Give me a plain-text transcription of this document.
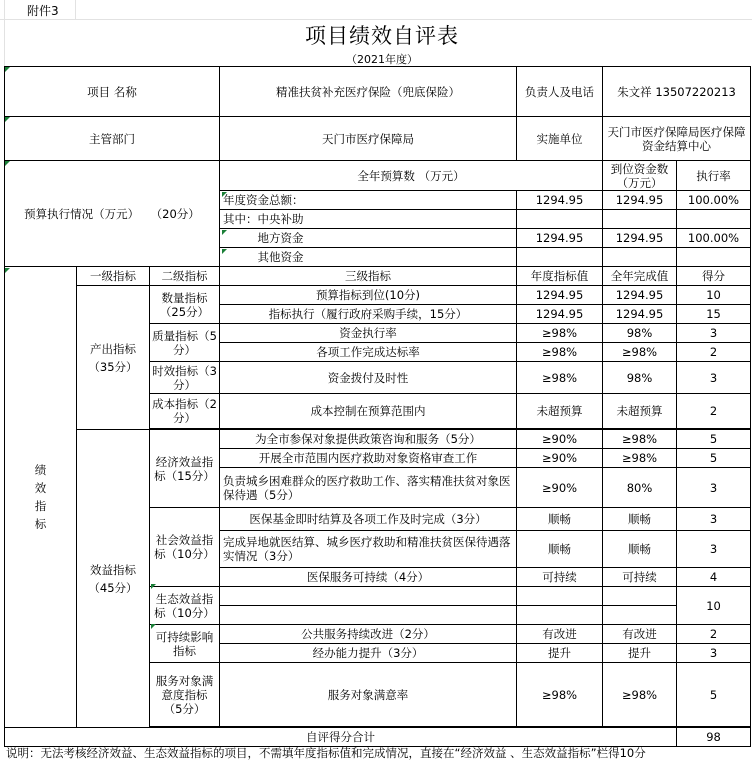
附件3
项目绩效自评表
（2021年度）
项目 名称			精准扶贫补充医疗保险（兜底保险）	负责人及电话	朱文祥 13507220213		
主管部门			天门市医疗保障局	实施单位	天门市医疗保障局医疗保障资金结算中心		
预算执行情况（万元）　　（20分）			全年预算数 （万元）		到位资金数（万元）	执行率	
			年度资金总额：	1294.95	1294.95	100.00%	
			其中：中央补助				
			　　　地方资金	1294.95	1294.95	100.00%	
			　　　其他资金				
绩效指标	一级指标	二级指标	三级指标	年度指标值	全年完成值	得分	
	产出指标（35分）	数量指标（25分）	预算指标到位(10分)	1294.95	1294.95	10	
			指标执行（履行政府采购手续，15分）	1294.95	1294.95	15	
		质量指标（5分）	资金执行率	≥98%	98%	3	
			各项工作完成达标率	≥98%	≥98%	2	
		时效指标（3分）	资金拨付及时性	≥98%	98%	3	
		成本指标（2分）	成本控制在预算范围内	未超预算	未超预算	2	

	效益指标（45分）	经济效益指标（15分）	为全市参保对象提供政策咨询和服务（5分）	≥90%	≥98%	5	
			开展全市范围内医疗救助对象资格审查工作	≥90%	≥98%	5	
			负责城乡困难群众的医疗救助工作、落实精准扶贫对象医保待遇（5分）	≥90%	80%	3	
		社会效益指标（10分）	医保基金即时结算及各项工作及时完成（3分）	顺畅	顺畅	3	
			完成异地就医结算、城乡医疗救助和精准扶贫医保待遇落实情况（3分）	顺畅	顺畅	3	
			医保服务可持续（4分）	可持续	可持续	4	
		生态效益指标（10分）				10	

		可持续影响指标	公共服务持续改进（2分）	有改进	有改进	2	
			经办能力提升（3分）	提升	提升	3	
		服务对象满意度指标（5分）	服务对象满意率	≥98%	≥98%	5	

自评得分合计						98	
说明：无法考核经济效益、生态效益指标的项目，不需填年度指标值和完成情况，直接在“经济效益 、生态效益指标”栏得10分
